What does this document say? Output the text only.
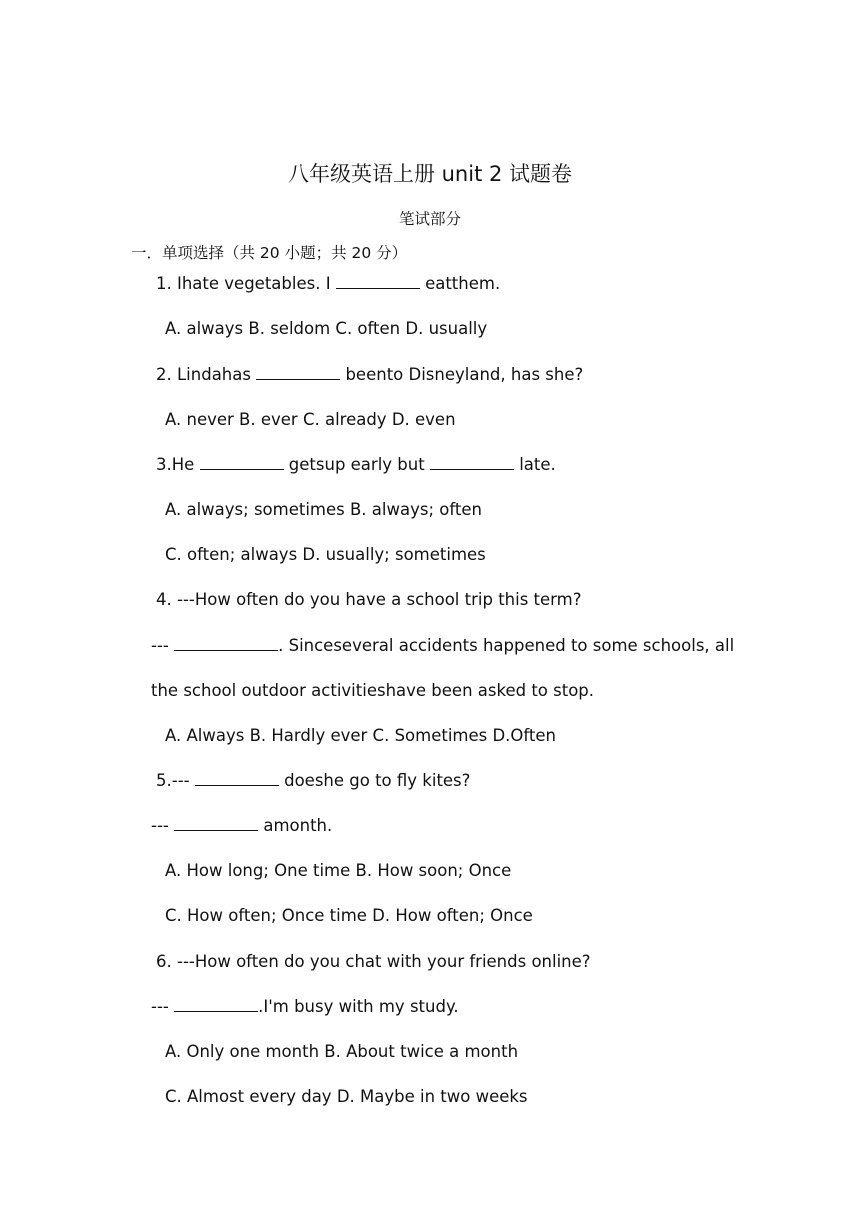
八年级英语上册 unit 2 试题卷
笔试部分
一．单项选择（共 20 小题；共 20 分）
1. Ihate vegetables. I	eatthem.
A. always B. seldom C. often D. usually
2. Lindahas	beento Disneyland, has she?
A. never B. ever C. already D. even
3.He	getsup early but	late.
A. always; sometimes B. always; often
C. often; always D. usually; sometimes
4. ---How often do you have a school trip this term?
---	. Sinceseveral accidents happened to some schools, all
the school outdoor activitieshave been asked to stop.
A. Always B. Hardly ever C. Sometimes D.Often
5.---	doeshe go to fly kites?
---	amonth.
A. How long; One time B. How soon; Once
C. How often; Once time D. How often; Once
6. ---How often do you chat with your friends online?
---	.I'm busy with my study.
A. Only one month B. About twice a month
C. Almost every day D. Maybe in two weeks
